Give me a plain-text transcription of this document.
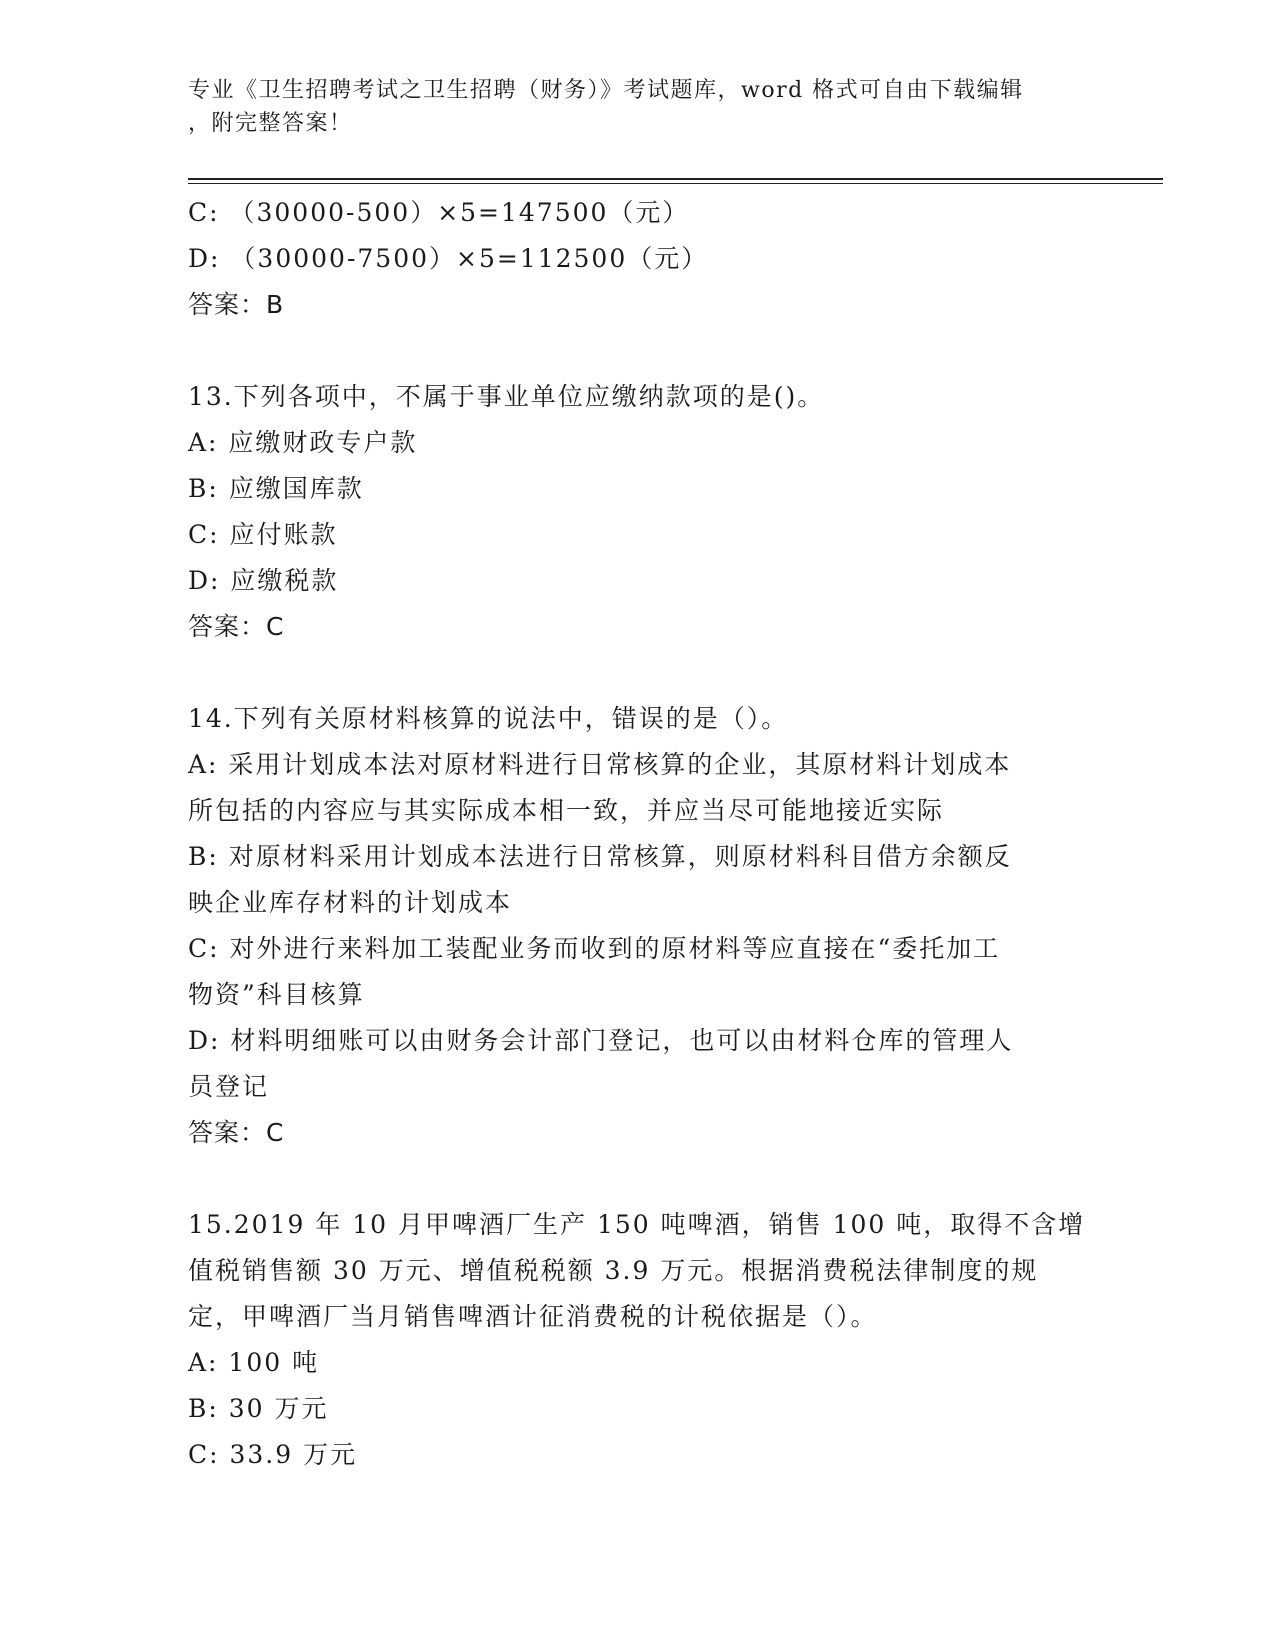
专业《卫生招聘考试之卫生招聘（财务）》考试题库，word 格式可自由下载编辑
，附完整答案！
C: （30000-500）×5=147500（元）
D: （30000-7500）×5=112500（元）
答案：B
13.下列各项中，不属于事业单位应缴纳款项的是()。
A: 应缴财政专户款
B: 应缴国库款
C: 应付账款
D: 应缴税款
答案：C
14.下列有关原材料核算的说法中，错误的是（）。
A: 采用计划成本法对原材料进行日常核算的企业，其原材料计划成本
所包括的内容应与其实际成本相一致，并应当尽可能地接近实际
B: 对原材料采用计划成本法进行日常核算，则原材料科目借方余额反
映企业库存材料的计划成本
C: 对外进行来料加工装配业务而收到的原材料等应直接在“委托加工
物资”科目核算
D: 材料明细账可以由财务会计部门登记，也可以由材料仓库的管理人
员登记
答案：C
15.2019 年 10 月甲啤酒厂生产 150 吨啤酒，销售 100 吨，取得不含增
值税销售额 30 万元、增值税税额 3.9 万元。根据消费税法律制度的规
定，甲啤酒厂当月销售啤酒计征消费税的计税依据是（）。
A: 100 吨
B: 30 万元
C: 33.9 万元
